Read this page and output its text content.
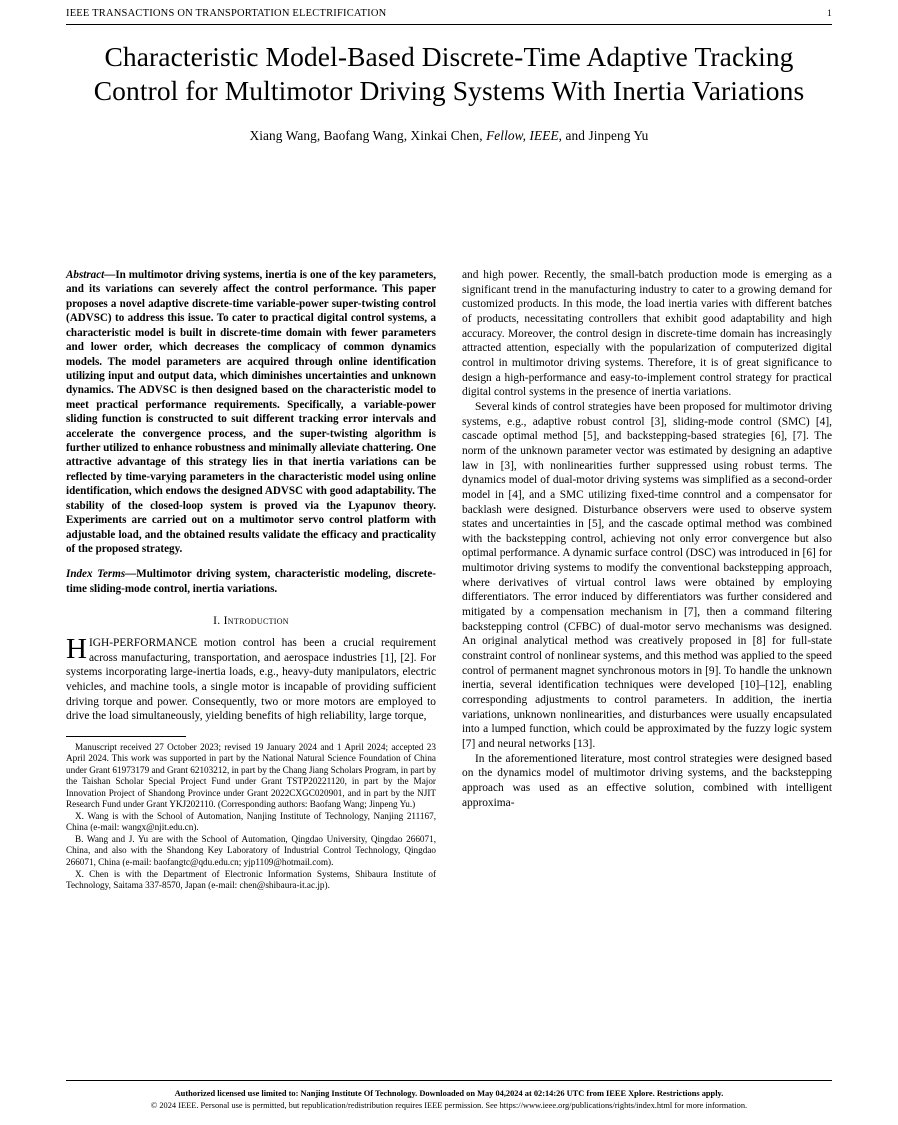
IEEE TRANSACTIONS ON TRANSPORTATION ELECTRIFICATION	1
Characteristic Model-Based Discrete-Time Adaptive Tracking Control for Multimotor Driving Systems With Inertia Variations
Xiang Wang, Baofang Wang, Xinkai Chen, Fellow, IEEE, and Jinpeng Yu

Abstract—In multimotor driving systems, inertia is one of the key parameters, and its variations can severely affect the control performance. This paper proposes a novel adaptive discrete-time variable-power super-twisting control (ADVSC) to address this issue. To cater to practical digital control systems, a characteristic model is built in discrete-time domain with fewer parameters and lower order, which decreases the complicacy of common dynamics models. The model parameters are acquired through online identification utilizing input and output data, which diminishes uncertainties and unknown dynamics. The ADVSC is then designed based on the characteristic model to meet practical performance requirements. Specifically, a variable-power sliding function is constructed to suit different tracking error intervals and accelerate the convergence process, and the super-twisting algorithm is further utilized to enhance robustness and minimally alleviate chattering. One attractive advantage of this strategy lies in that inertia variations can be reflected by time-varying parameters in the characteristic model using online identification, which endows the designed ADVSC with good adaptability. The stability of the closed-loop system is proved via the Lyapunov theory. Experiments are carried out on a multimotor servo control platform with adjustable load, and the obtained results validate the efficacy and practicality of the proposed strategy.

Index Terms—Multimotor driving system, characteristic modeling, discrete-time sliding-mode control, inertia variations.

I. Introduction

HIGH-PERFORMANCE motion control has been a crucial requirement across manufacturing, transportation, and aerospace industries [1], [2]. For systems incorporating large-inertia loads, e.g., heavy-duty manipulators, electric vehicles, and machine tools, a single motor is incapable of providing sufficient driving torque and power. Consequently, two or more motors are employed to drive the load simultaneously, yielding benefits of high reliability, large torque,

Manuscript received 27 October 2023; revised 19 January 2024 and 1 April 2024; accepted 23 April 2024. This work was supported in part by the National Natural Science Foundation of China under Grant 61973179 and Grant 62103212, in part by the Chang Jiang Scholars Program, in part by the Taishan Scholar Special Project Fund under Grant TSTP20221120, in part by the Major Innovation Project of Shandong Province under Grant 2022CXGC020901, and in part by the NJIT Research Fund under Grant YKJ202110. (Corresponding authors: Baofang Wang; Jinpeng Yu.)

X. Wang is with the School of Automation, Nanjing Institute of Technology, Nanjing 211167, China (e-mail: wangx@njit.edu.cn).

B. Wang and J. Yu are with the School of Automation, Qingdao University, Qingdao 266071, China, and also with the Shandong Key Laboratory of Industrial Control Technology, Qingdao 266071, China (e-mail: baofangtc@qdu.edu.cn; yjp1109@hotmail.com).

X. Chen is with the Department of Electronic Information Systems, Shibaura Institute of Technology, Saitama 337-8570, Japan (e-mail: chen@shibaura-it.ac.jp).

and high power. Recently, the small-batch production mode is emerging as a significant trend in the manufacturing industry to cater to a growing demand for customized products. In this mode, the load inertia varies with different batches of products, necessitating controllers that exhibit good adaptability and high accuracy. Moreover, the control design in discrete-time domain has increasingly attracted attention, especially with the popularization of computerized digital control in multimotor driving systems. Therefore, it is of great significance to design a high-performance and easy-to-implement control strategy for practical digital control systems in the presence of inertia variations.

Several kinds of control strategies have been proposed for multimotor driving systems, e.g., adaptive robust control [3], sliding-mode control (SMC) [4], cascade optimal method [5], and backstepping-based strategies [6], [7]. The norm of the unknown parameter vector was estimated by designing an adaptive law in [3], with nonlinearities further suppressed using robust terms. The dynamics model of dual-motor driving systems was simplified as a second-order model in [4], and a SMC utilizing fixed-time conntrol and a compensator for backlash were designed. Disturbance observers were used to observe system states and uncertainties in [5], and the cascade optimal method was combined with the backstepping control, achieving not only error convergence but also optimal performance. A dynamic surface control (DSC) was introduced in [6] for multimotor driving systems to modify the conventional backstepping approach, where derivatives of virtual control laws were obtained by employing differentiators. The error induced by differentiators was further considered and mitigated by a compensation mechanism in [7], then a command filtering backstepping control (CFBC) of dual-motor servo mechanisms was designed. An original analytical method was creatively proposed in [8] for full-state constraint control of nonlinear systems, and this method was applied to the speed control of permanent magnet synchronous motors in [9]. To handle the unknown inertia, several identification techniques were developed [10]–[12], enabling corresponding adjustments to control parameters. In addition, the inertia variations, unknown nonlinearities, and disturbances were usually encapsulated into a lumped function, which could be approximated by the fuzzy logic system [7] and neural networks [13].

In the aforementioned literature, most control strategies were designed based on the dynamics model of multimotor driving systems, and the backstepping approach was used as an effective solution, combined with intelligent approxima-

Authorized licensed use limited to: Nanjing Institute Of Technology. Downloaded on May 04,2024 at 02:14:26 UTC from IEEE Xplore. Restrictions apply.
© 2024 IEEE. Personal use is permitted, but republication/redistribution requires IEEE permission. See https://www.ieee.org/publications/rights/index.html for more information.
